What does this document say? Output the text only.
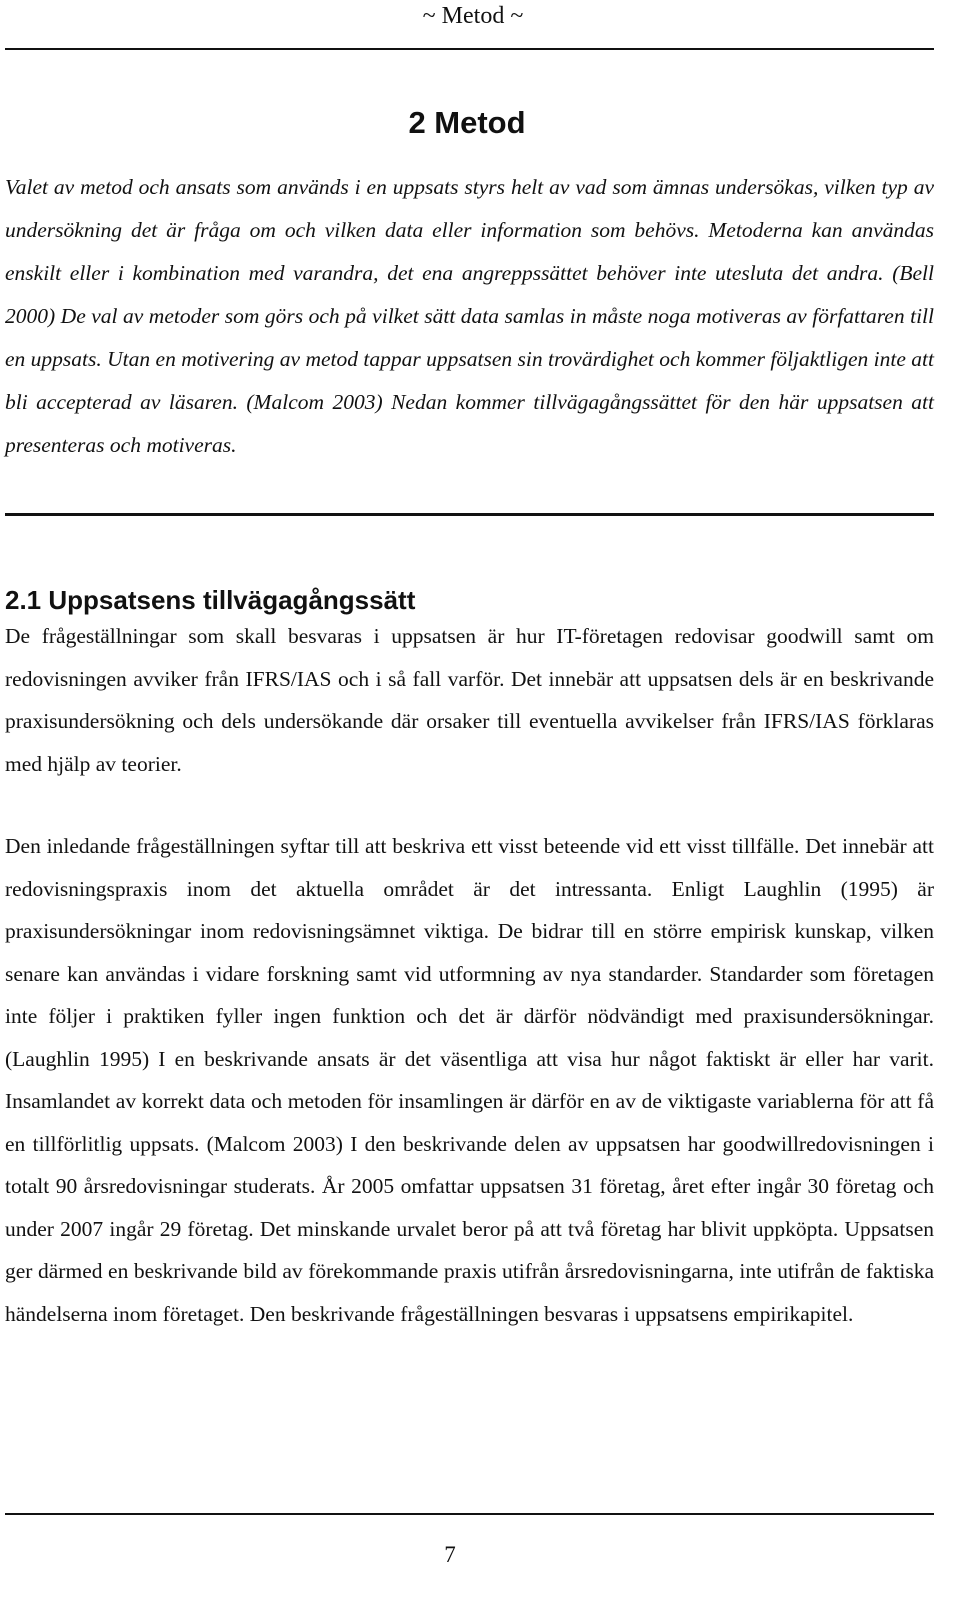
~ Metod ~
2 Metod

Valet av metod och ansats som används i en uppsats styrs helt av vad som ämnas undersökas, vilken typ av undersökning det är fråga om och vilken data eller information som behövs. Metoderna kan användas enskilt eller i kombination med varandra, det ena angreppssättet behöver inte utesluta det andra. (Bell 2000) De val av metoder som görs och på vilket sätt data samlas in måste noga motiveras av författaren till en uppsats. Utan en motivering av metod tappar uppsatsen sin trovärdighet och kommer följaktligen inte att bli accepterad av läsaren. (Malcom 2003) Nedan kommer tillvägagångssättet för den här uppsatsen att presenteras och motiveras.

2.1 Uppsatsens tillvägagångssätt

De frågeställningar som skall besvaras i uppsatsen är hur IT-företagen redovisar goodwill samt om redovisningen avviker från IFRS/IAS och i så fall varför. Det innebär att uppsatsen dels är en beskrivande praxisundersökning och dels undersökande där orsaker till eventuella avvikelser från IFRS/IAS förklaras med hjälp av teorier.

Den inledande frågeställningen syftar till att beskriva ett visst beteende vid ett visst tillfälle. Det innebär att redovisningspraxis inom det aktuella området är det intressanta. Enligt Laughlin (1995) är praxisundersökningar inom redovisningsämnet viktiga. De bidrar till en större empirisk kunskap, vilken senare kan användas i vidare forskning samt vid utformning av nya standarder. Standarder som företagen inte följer i praktiken fyller ingen funktion och det är därför nödvändigt med praxisundersökningar. (Laughlin 1995) I en beskrivande ansats är det väsentliga att visa hur något faktiskt är eller har varit. Insamlandet av korrekt data och metoden för insamlingen är därför en av de viktigaste variablerna för att få en tillförlitlig uppsats. (Malcom 2003) I den beskrivande delen av uppsatsen har goodwillredovisningen i totalt 90 årsredovisningar studerats. År 2005 omfattar uppsatsen 31 företag, året efter ingår 30 företag och under 2007 ingår 29 företag. Det minskande urvalet beror på att två företag har blivit uppköpta. Uppsatsen ger därmed en beskrivande bild av förekommande praxis utifrån årsredovisningarna, inte utifrån de faktiska händelserna inom företaget. Den beskrivande frågeställningen besvaras i uppsatsens empirikapitel.

7
